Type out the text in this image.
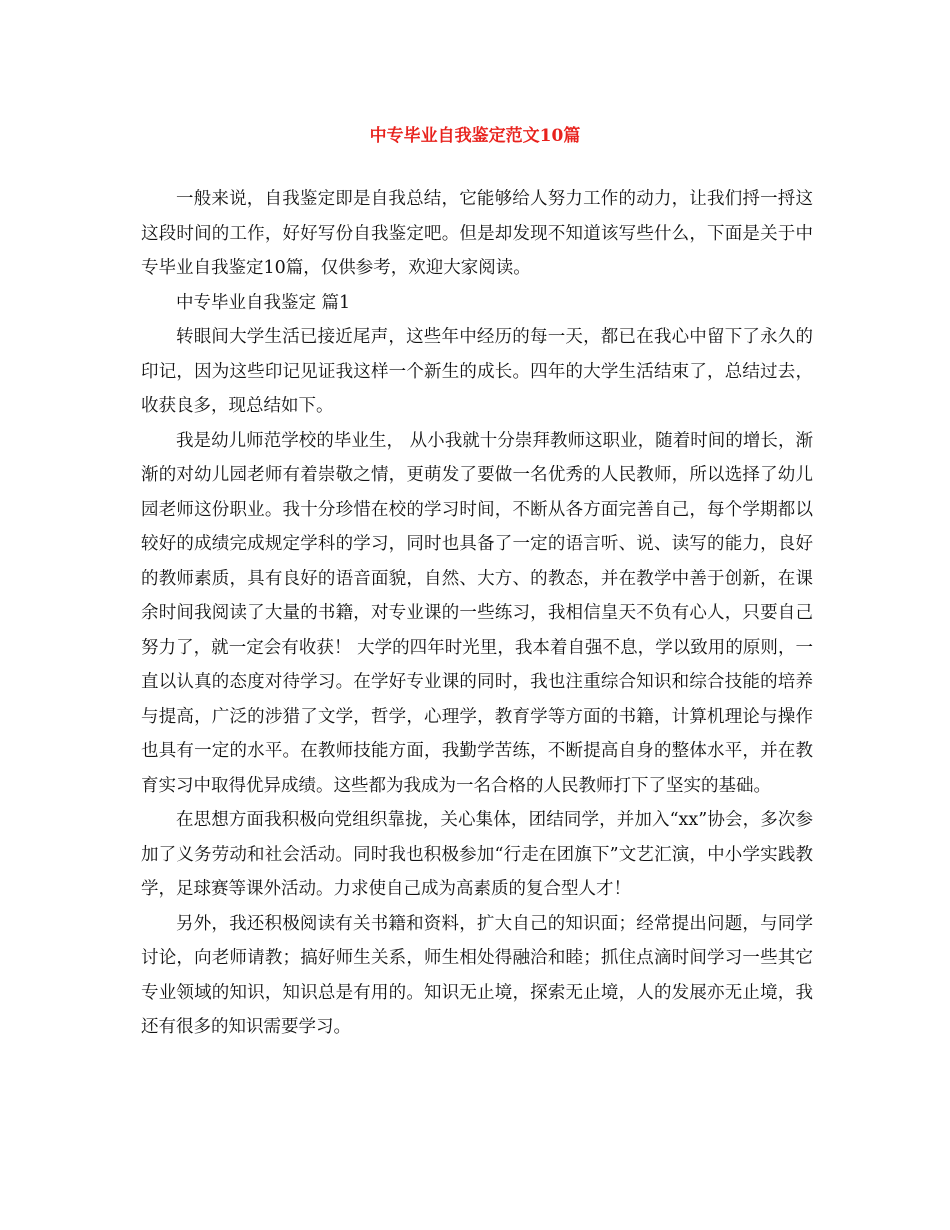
中专毕业自我鉴定范文10篇

一般来说，自我鉴定即是自我总结，它能够给人努力工作的动力，让我们捋一捋这这段时间的工作，好好写份自我鉴定吧。但是却发现不知道该写些什么，下面是关于中专毕业自我鉴定10篇，仅供参考，欢迎大家阅读。

中专毕业自我鉴定 篇1

转眼间大学生活已接近尾声，这些年中经历的每一天，都已在我心中留下了永久的印记，因为这些印记见证我这样一个新生的成长。四年的大学生活结束了，总结过去，收获良多，现总结如下。

我是幼儿师范学校的毕业生， 从小我就十分崇拜教师这职业，随着时间的增长，渐渐的对幼儿园老师有着崇敬之情，更萌发了要做一名优秀的人民教师，所以选择了幼儿园老师这份职业。我十分珍惜在校的学习时间，不断从各方面完善自己，每个学期都以较好的成绩完成规定学科的学习，同时也具备了一定的语言听、说、读写的能力，良好的教师素质，具有良好的语音面貌，自然、大方、的教态，并在教学中善于创新，在课余时间我阅读了大量的书籍，对专业课的一些练习，我相信皇天不负有心人，只要自己努力了，就一定会有收获！ 大学的四年时光里，我本着自强不息，学以致用的原则，一直以认真的态度对待学习。在学好专业课的同时，我也注重综合知识和综合技能的培养与提高，广泛的涉猎了文学，哲学，心理学，教育学等方面的书籍，计算机理论与操作也具有一定的水平。在教师技能方面，我勤学苦练，不断提高自身的整体水平，并在教育实习中取得优异成绩。这些都为我成为一名合格的人民教师打下了坚实的基础。

在思想方面我积极向党组织靠拢，关心集体，团结同学，并加入“xx”协会，多次参加了义务劳动和社会活动。同时我也积极参加“行走在团旗下”文艺汇演，中小学实践教学，足球赛等课外活动。力求使自己成为高素质的复合型人才！

另外，我还积极阅读有关书籍和资料，扩大自己的知识面；经常提出问题，与同学讨论，向老师请教；搞好师生关系，师生相处得融洽和睦；抓住点滴时间学习一些其它专业领域的知识，知识总是有用的。知识无止境，探索无止境，人的发展亦无止境，我还有很多的知识需要学习。
